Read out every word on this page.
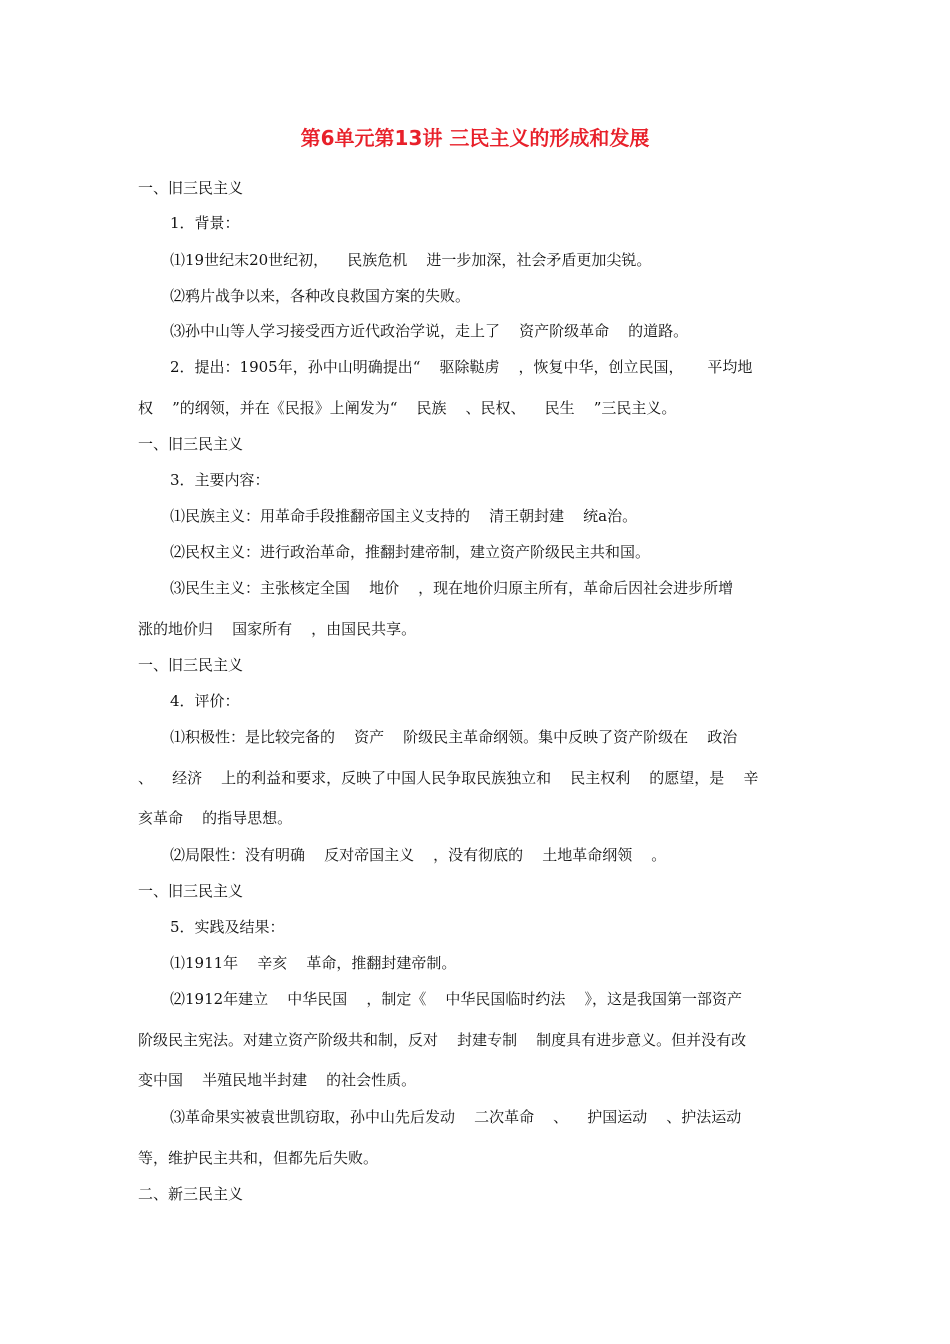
第6单元第13讲 三民主义的形成和发展
一、旧三民主义
1．背景：
⑴19世纪末20世纪初，    民族危机    进一步加深，社会矛盾更加尖锐。
⑵鸦片战争以来，各种改良救国方案的失败。
⑶孙中山等人学习接受西方近代政治学说，走上了    资产阶级革命    的道路。
2．提出：1905年，孙中山明确提出“    驱除鞑虏    ，恢复中华，创立民国，     平均地
权    ”的纲领，并在《民报》上阐发为“    民族    、民权、    民生    ”三民主义。
一、旧三民主义
3．主要内容：
⑴民族主义：用革命手段推翻帝国主义支持的    清王朝封建    统a治。
⑵民权主义：进行政治革命，推翻封建帝制，建立资产阶级民主共和国。
⑶民生主义：主张核定全国    地价    ，现在地价归原主所有，革命后因社会进步所增
涨的地价归    国家所有    ，由国民共享。
一、旧三民主义
4．评价：
⑴积极性：是比较完备的    资产    阶级民主革命纲领。集中反映了资产阶级在    政治
、    经济    上的利益和要求，反映了中国人民争取民族独立和    民主权利    的愿望，是    辛
亥革命    的指导思想。
⑵局限性：没有明确    反对帝国主义    ，没有彻底的    土地革命纲领    。
一、旧三民主义
5．实践及结果：
⑴1911年    辛亥    革命，推翻封建帝制。
⑵1912年建立    中华民国    ，制定《    中华民国临时约法    》，这是我国第一部资产
阶级民主宪法。对建立资产阶级共和制，反对    封建专制    制度具有进步意义。但并没有改
变中国    半殖民地半封建    的社会性质。
⑶革命果实被袁世凯窃取，孙中山先后发动    二次革命    、    护国运动    、护法运动
等，维护民主共和，但都先后失败。
二、新三民主义
